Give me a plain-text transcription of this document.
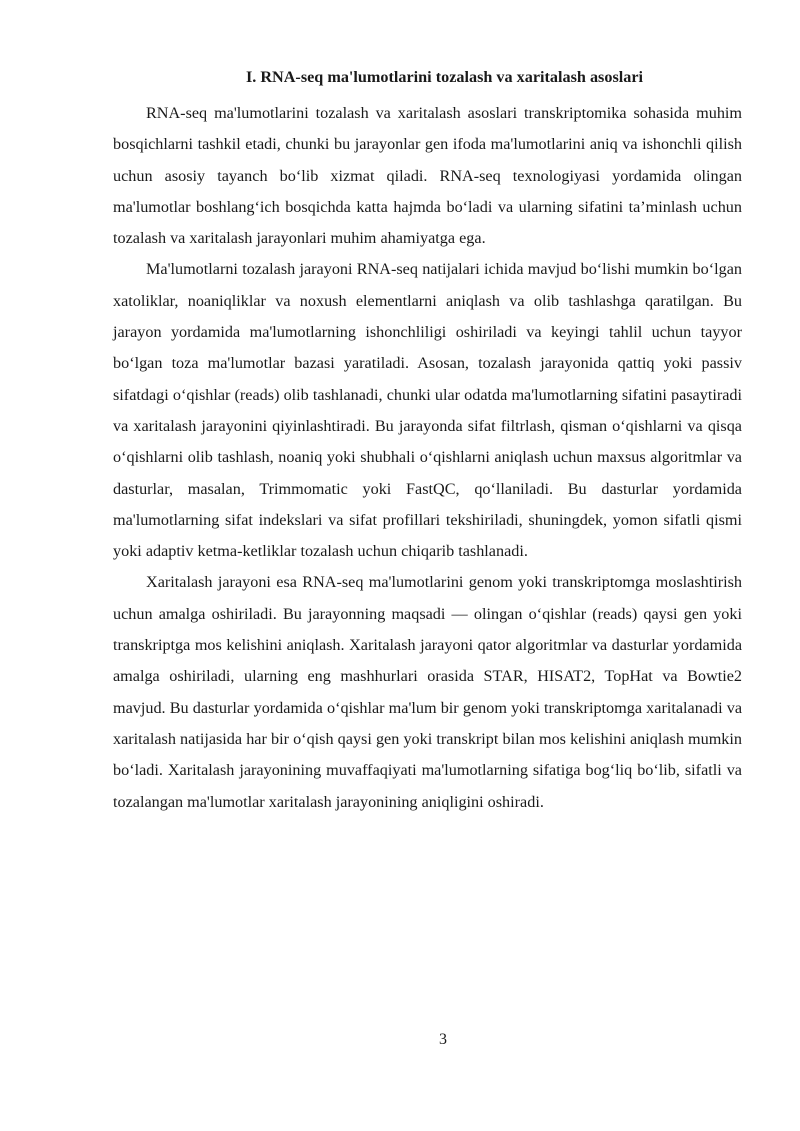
I. RNA-seq ma'lumotlarini tozalash va xaritalash asoslari

RNA-seq ma'lumotlarini tozalash va xaritalash asoslari transkriptomika sohasida muhim bosqichlarni tashkil etadi, chunki bu jarayonlar gen ifoda ma'lumotlarini aniq va ishonchli qilish uchun asosiy tayanch bo‘lib xizmat qiladi. RNA-seq texnologiyasi yordamida olingan ma'lumotlar boshlang‘ich bosqichda katta hajmda bo‘ladi va ularning sifatini ta’minlash uchun tozalash va xaritalash jarayonlari muhim ahamiyatga ega.

Ma'lumotlarni tozalash jarayoni RNA-seq natijalari ichida mavjud bo‘lishi mumkin bo‘lgan xatoliklar, noaniqliklar va noxush elementlarni aniqlash va olib tashlashga qaratilgan. Bu jarayon yordamida ma'lumotlarning ishonchliligi oshiriladi va keyingi tahlil uchun tayyor bo‘lgan toza ma'lumotlar bazasi yaratiladi. Asosan, tozalash jarayonida qattiq yoki passiv sifatdagi o‘qishlar (reads) olib tashlanadi, chunki ular odatda ma'lumotlarning sifatini pasaytiradi va xaritalash jarayonini qiyinlashtiradi. Bu jarayonda sifat filtrlash, qisman o‘qishlarni va qisqa o‘qishlarni olib tashlash, noaniq yoki shubhali o‘qishlarni aniqlash uchun maxsus algoritmlar va dasturlar, masalan, Trimmomatic yoki FastQC, qo‘llaniladi. Bu dasturlar yordamida ma'lumotlarning sifat indekslari va sifat profillari tekshiriladi, shuningdek, yomon sifatli qismi yoki adaptiv ketma-ketliklar tozalash uchun chiqarib tashlanadi.

Xaritalash jarayoni esa RNA-seq ma'lumotlarini genom yoki transkriptomga moslashtirish uchun amalga oshiriladi. Bu jarayonning maqsadi — olingan o‘qishlar (reads) qaysi gen yoki transkriptga mos kelishini aniqlash. Xaritalash jarayoni qator algoritmlar va dasturlar yordamida amalga oshiriladi, ularning eng mashhurlari orasida STAR, HISAT2, TopHat va Bowtie2 mavjud. Bu dasturlar yordamida o‘qishlar ma'lum bir genom yoki transkriptomga xaritalanadi va xaritalash natijasida har bir o‘qish qaysi gen yoki transkript bilan mos kelishini aniqlash mumkin bo‘ladi. Xaritalash jarayonining muvaffaqiyati ma'lumotlarning sifatiga bog‘liq bo‘lib, sifatli va tozalangan ma'lumotlar xaritalash jarayonining aniqligini oshiradi.

3
